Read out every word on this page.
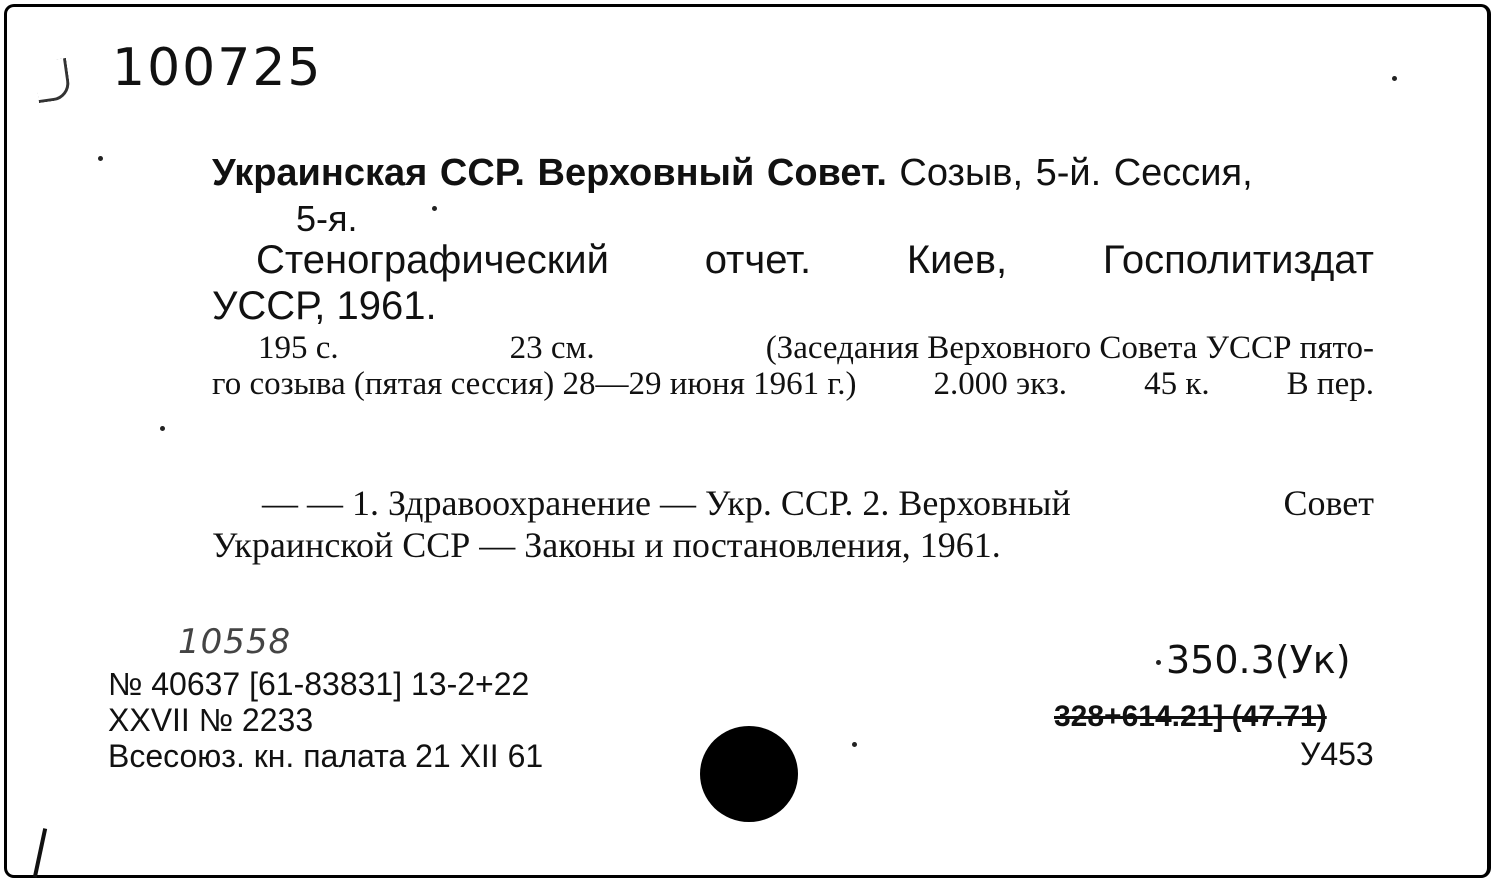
100725
Украинская ССР. Верховный Совет. Созыв, 5-й. Сессия,
5-я.
Стенографический отчет. Киев, Госполитиздат
УССР, 1961.
195 с.	23 см.	(Заседания Верховного Совета УССР пято-
го созыва (пятая сессия) 28—29 июня 1961 г.) 2.000 экз. 45 к. В пер.
— — 1. Здравоохранение — Укр. ССР. 2. Верховный	Совет
Украинской ССР — Законы и постановления, 1961.
10558
№ 40637 [61-83831] 13-2+22
XXVII № 2233
Всесоюз. кн. палата 21 XII 61
350.3(Ук)
328+614.21] (47.71)
У453
